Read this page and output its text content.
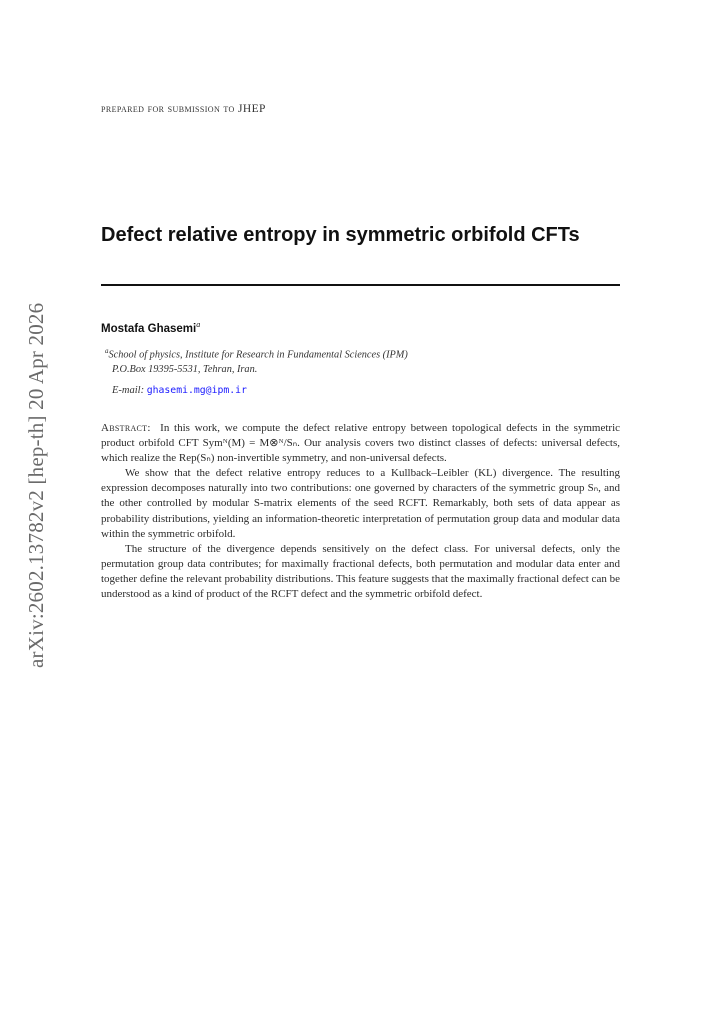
arXiv:2602.13782v2 [hep-th] 20 Apr 2026
prepared for submission to JHEP
Defect relative entropy in symmetric orbifold CFTs
Mostafa Ghasemi$^a$
$^a$School of physics, Institute for Research in Fundamental Sciences (IPM)
P.O.Box 19395-5531, Tehran, Iran.
E-mail: ghasemi.mg@ipm.ir

Abstract: In this work, we compute the defect relative entropy between topological defects in the symmetric product orbifold CFT Symᴺ(M) = M⊗ᴺ/Sₙ. Our analysis covers two distinct classes of defects: universal defects, which realize the Rep(Sₙ) non-invertible symmetry, and non-universal defects.

We show that the defect relative entropy reduces to a Kullback–Leibler (KL) divergence. The resulting expression decomposes naturally into two contributions: one governed by characters of the symmetric group Sₙ, and the other controlled by modular S-matrix elements of the seed RCFT. Remarkably, both sets of data appear as probability distributions, yielding an information-theoretic interpretation of permutation group data and modular data within the symmetric orbifold.

The structure of the divergence depends sensitively on the defect class. For universal defects, only the permutation group data contributes; for maximally fractional defects, both permutation and modular data enter and together define the relevant probability distributions. This feature suggests that the maximally fractional defect can be understood as a kind of product of the RCFT defect and the symmetric orbifold defect.
